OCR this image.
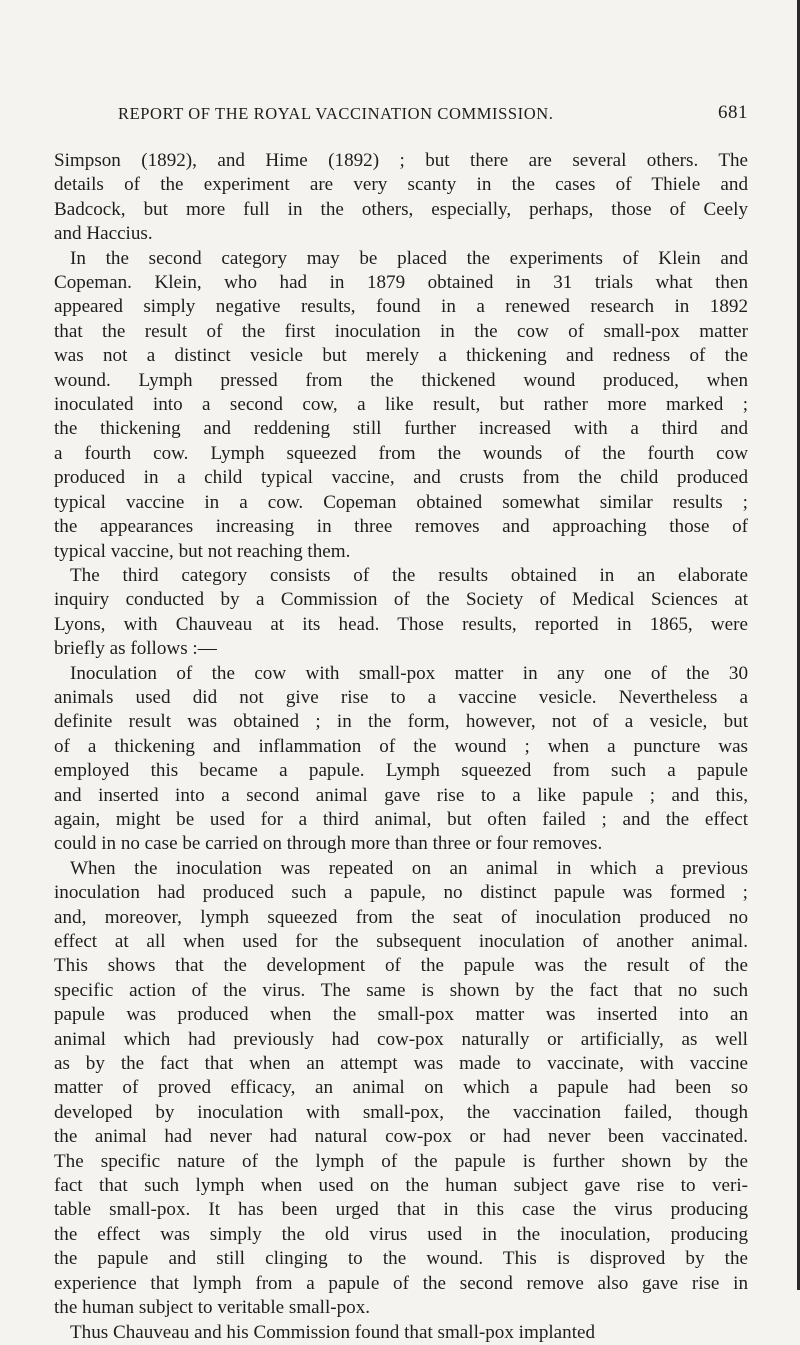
REPORT OF THE ROYAL VACCINATION COMMISSION.	681
Simpson (1892), and Hime (1892) ; but there are several others. The
details of the experiment are very scanty in the cases of Thiele and
Badcock, but more full in the others, especially, perhaps, those of Ceely
and Haccius.
In the second category may be placed the experiments of Klein and
Copeman. Klein, who had in 1879 obtained in 31 trials what then
appeared simply negative results, found in a renewed research in 1892
that the result of the first inoculation in the cow of small-pox matter
was not a distinct vesicle but merely a thickening and redness of the
wound. Lymph pressed from the thickened wound produced, when
inoculated into a second cow, a like result, but rather more marked ;
the thickening and reddening still further increased with a third and
a fourth cow. Lymph squeezed from the wounds of the fourth cow
produced in a child typical vaccine, and crusts from the child produced
typical vaccine in a cow. Copeman obtained somewhat similar results ;
the appearances increasing in three removes and approaching those of
typical vaccine, but not reaching them.
The third category consists of the results obtained in an elaborate
inquiry conducted by a Commission of the Society of Medical Sciences at
Lyons, with Chauveau at its head. Those results, reported in 1865, were
briefly as follows :—
Inoculation of the cow with small-pox matter in any one of the 30
animals used did not give rise to a vaccine vesicle. Nevertheless a
definite result was obtained ; in the form, however, not of a vesicle, but
of a thickening and inflammation of the wound ; when a puncture was
employed this became a papule. Lymph squeezed from such a papule
and inserted into a second animal gave rise to a like papule ; and this,
again, might be used for a third animal, but often failed ; and the effect
could in no case be carried on through more than three or four removes.
When the inoculation was repeated on an animal in which a previous
inoculation had produced such a papule, no distinct papule was formed ;
and, moreover, lymph squeezed from the seat of inoculation produced no
effect at all when used for the subsequent inoculation of another animal.
This shows that the development of the papule was the result of the
specific action of the virus. The same is shown by the fact that no such
papule was produced when the small-pox matter was inserted into an
animal which had previously had cow-pox naturally or artificially, as well
as by the fact that when an attempt was made to vaccinate, with vaccine
matter of proved efficacy, an animal on which a papule had been so
developed by inoculation with small-pox, the vaccination failed, though
the animal had never had natural cow-pox or had never been vaccinated.
The specific nature of the lymph of the papule is further shown by the
fact that such lymph when used on the human subject gave rise to veri-
table small-pox. It has been urged that in this case the virus producing
the effect was simply the old virus used in the inoculation, producing
the papule and still clinging to the wound. This is disproved by the
experience that lymph from a papule of the second remove also gave rise in
the human subject to veritable small-pox.
Thus Chauveau and his Commission found that small-pox implanted
